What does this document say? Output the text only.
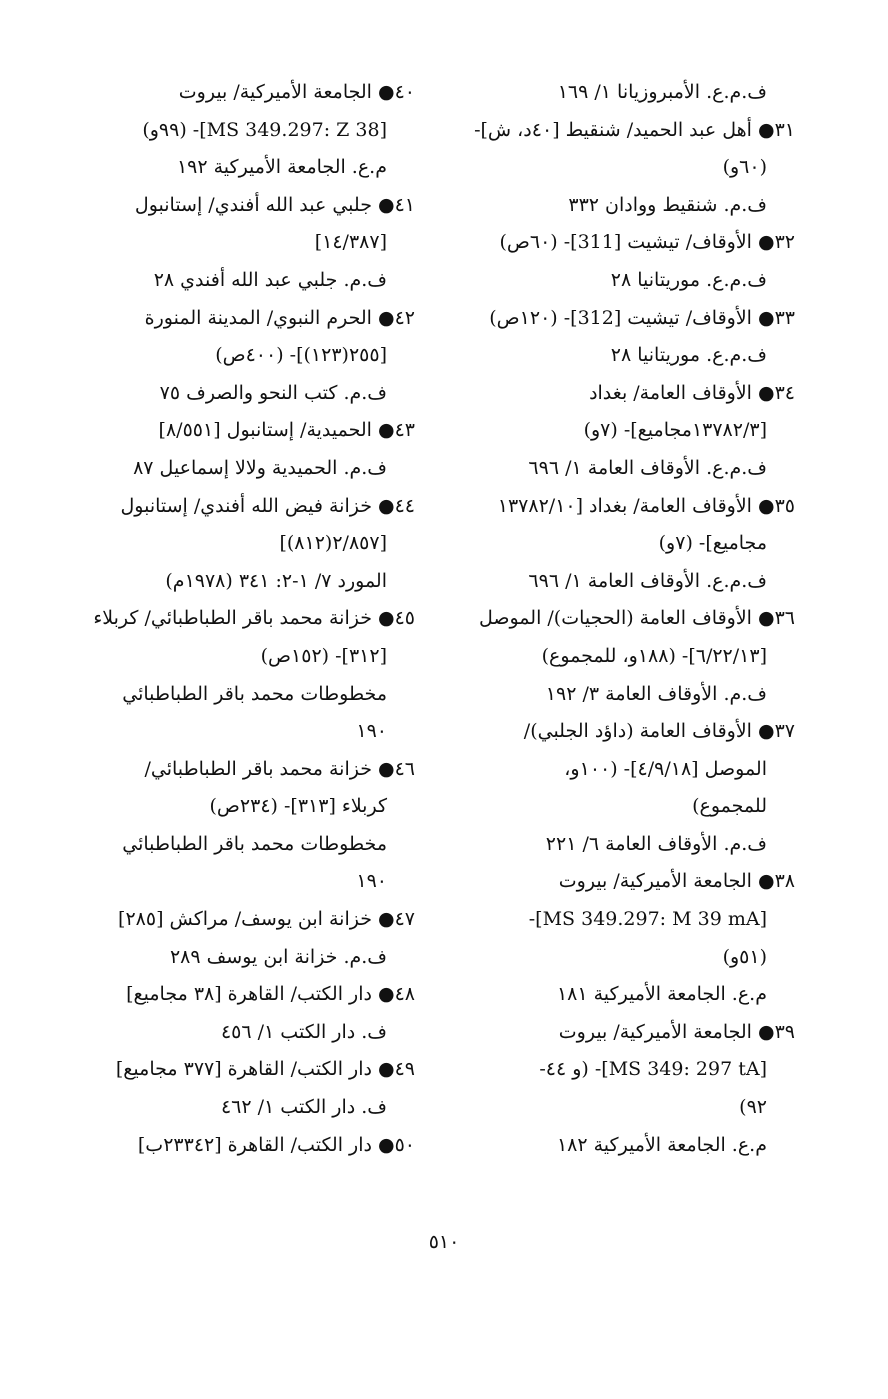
ف.م.ع. الأمبروزيانا ١/ ١٦٩
٣١● أهل عبد الحميد/ شنقيط [٤٠د، ش]-
(٦٠و)
ف.م. شنقيط ووادان ٣٣٢
٣٢● الأوقاف/ تيشيت [311]- (٦٠ص)
ف.م.ع. موريتانيا ٢٨
٣٣● الأوقاف/ تيشيت [312]- (١٢٠ص)
ف.م.ع. موريتانيا ٢٨
٣٤● الأوقاف العامة/ بغداد
[١٣٧٨٢/٣مجاميع]- (٧و)
ف.م.ع. الأوقاف العامة ١/ ٦٩٦
٣٥● الأوقاف العامة/ بغداد [١٣٧٨٢/١٠
مجاميع]- (٧و)
ف.م.ع. الأوقاف العامة ١/ ٦٩٦
٣٦● الأوقاف العامة (الحجيات)/ الموصل
[٦/٢٢/١٣]- (١٨٨و، للمجموع)
ف.م. الأوقاف العامة ٣/ ١٩٢
٣٧● الأوقاف العامة (داؤد الجلبي)/
الموصل [٤/٩/١٨]- (١٠٠و،
للمجموع)
ف.م. الأوقاف العامة ٦/ ٢٢١
٣٨● الجامعة الأميركية/ بيروت
[MS 349.297: M 39 mA]-
(٥١و)
م.ع. الجامعة الأميركية ١٨١
٣٩● الجامعة الأميركية/ بيروت
[MS 349: 297 tA]- (و ٤٤-
٩٢)
م.ع. الجامعة الأميركية ١٨٢
٤٠● الجامعة الأميركية/ بيروت
[MS 349.297: Z 38]- (٩٩و)
م.ع. الجامعة الأميركية ١٩٢
٤١● جلبي عبد الله أفندي/ إستانبول
[١٤/٣٨٧]
ف.م. جلبي عبد الله أفندي ٢٨
٤٢● الحرم النبوي/ المدينة المنورة
[٢٥٥(١٢٣)]- (٤٠٠ص)
ف.م. كتب النحو والصرف ٧٥
٤٣● الحميدية/ إستانبول [٨/٥٥١]
ف.م. الحميدية ولالا إسماعيل ٨٧
٤٤● خزانة فيض الله أفندي/ إستانبول
[٢/٨٥٧(٨١٢)]
المورد ٧/ ١-٢: ٣٤١ (١٩٧٨م)
٤٥● خزانة محمد باقر الطباطبائي/ كربلاء
[٣١٢]- (١٥٢ص)
مخطوطات محمد باقر الطباطبائي
١٩٠
٤٦● خزانة محمد باقر الطباطبائي/
كربلاء [٣١٣]- (٢٣٤ص)
مخطوطات محمد باقر الطباطبائي
١٩٠
٤٧● خزانة ابن يوسف/ مراكش [٢٨٥]
ف.م. خزانة ابن يوسف ٢٨٩
٤٨● دار الكتب/ القاهرة [٣٨ مجاميع]
ف. دار الكتب ١/ ٤٥٦
٤٩● دار الكتب/ القاهرة [٣٧٧ مجاميع]
ف. دار الكتب ١/ ٤٦٢
٥٠● دار الكتب/ القاهرة [٢٣٣٤٢ب]
٥١٠
